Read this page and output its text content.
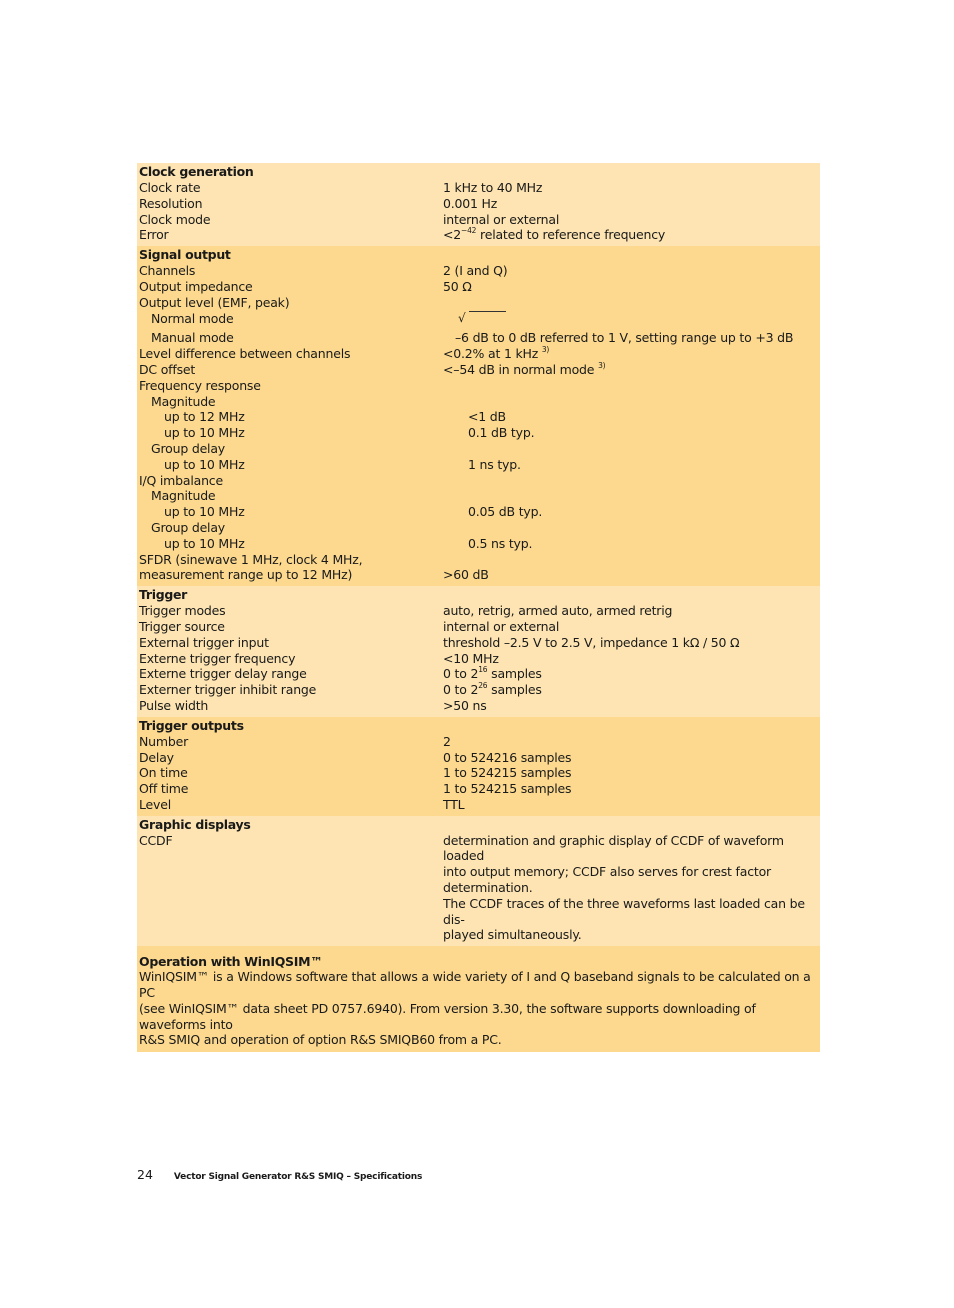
Clock generation
Clock rate	1 kHz to 40 MHz
Resolution	0.001 Hz
Clock mode	internal or external
Error	$<2^{-42}$ related to reference frequency
Signal output
Channels	2 (I and Q)
Output impedance	50 Ω
Output level (EMF, peak)
Normal mode	√
Manual mode	–6 dB to 0 dB referred to 1 V, setting range up to +3 dB
Level difference between channels	<0.2% at 1 kHz $^{3)}$
DC offset	<–54 dB in normal mode $^{3)}$
Frequency response
Magnitude
up to 12 MHz	<1 dB
up to 10 MHz	0.1 dB typ.
Group delay
up to 10 MHz	1 ns typ.
I/Q imbalance
Magnitude
up to 10 MHz	0.05 dB typ.
Group delay
up to 10 MHz	0.5 ns typ.
SFDR (sinewave 1 MHz, clock 4 MHz,
measurement range up to 12 MHz)	>60 dB
Trigger
Trigger modes	auto, retrig, armed auto, armed retrig
Trigger source	internal or external
External trigger input	threshold –2.5 V to 2.5 V, impedance 1 kΩ / 50 Ω
Externe trigger frequency	<10 MHz
Externe trigger delay range	0 to $2^{16}$ samples
Externer trigger inhibit range	0 to $2^{26}$ samples
Pulse width	>50 ns
Trigger outputs
Number	2
Delay	0 to 524216 samples
On time	1 to 524215 samples
Off time	1 to 524215 samples
Level	TTL
Graphic displays
CCDF	determination and graphic display of CCDF of waveform loaded
into output memory; CCDF also serves for crest factor determination.
The CCDF traces of the three waveforms last loaded can be dis-
played simultaneously.
Operation with WinIQSIM™
WinIQSIM™ is a Windows software that allows a wide variety of I and Q baseband signals to be calculated on a PC
(see WinIQSIM™ data sheet PD 0757.6940). From version 3.30, the software supports downloading of waveforms into
R&S SMIQ and operation of option R&S SMIQB60 from a PC.
24 Vector Signal Generator R&S SMIQ – Specifications
